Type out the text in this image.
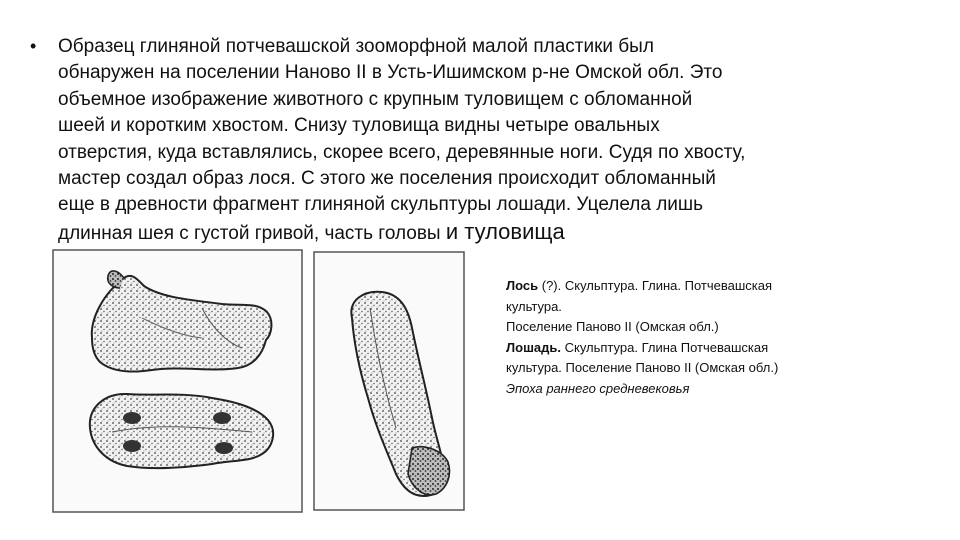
• Образец глиняной потчевашской зооморфной малой пластики был
обнаружен на поселении Наново II в Усть-Ишимском р-не Омской обл. Это
объемное изображение животного с крупным туловищем с обломанной
шеей и коротким хвостом. Снизу туловища видны четыре овальных
отверстия, куда вставлялись, скорее всего, деревянные ноги. Судя по хвосту,
мастер создал образ лося. С этого же поселения происходит обломанный
еще в древности фрагмент глиняной скульптуры лошади. Уцелела лишь
длинная шея с густой гривой, часть головы и туловища
Лось (?). Скульптура. Глина. Потчевашская
культура.
Поселение Паново II (Омская обл.)
Лошадь. Скульптура. Глина Потчевашская
культура. Поселение Паново II (Омская обл.)
Эпоха раннего средневековья
